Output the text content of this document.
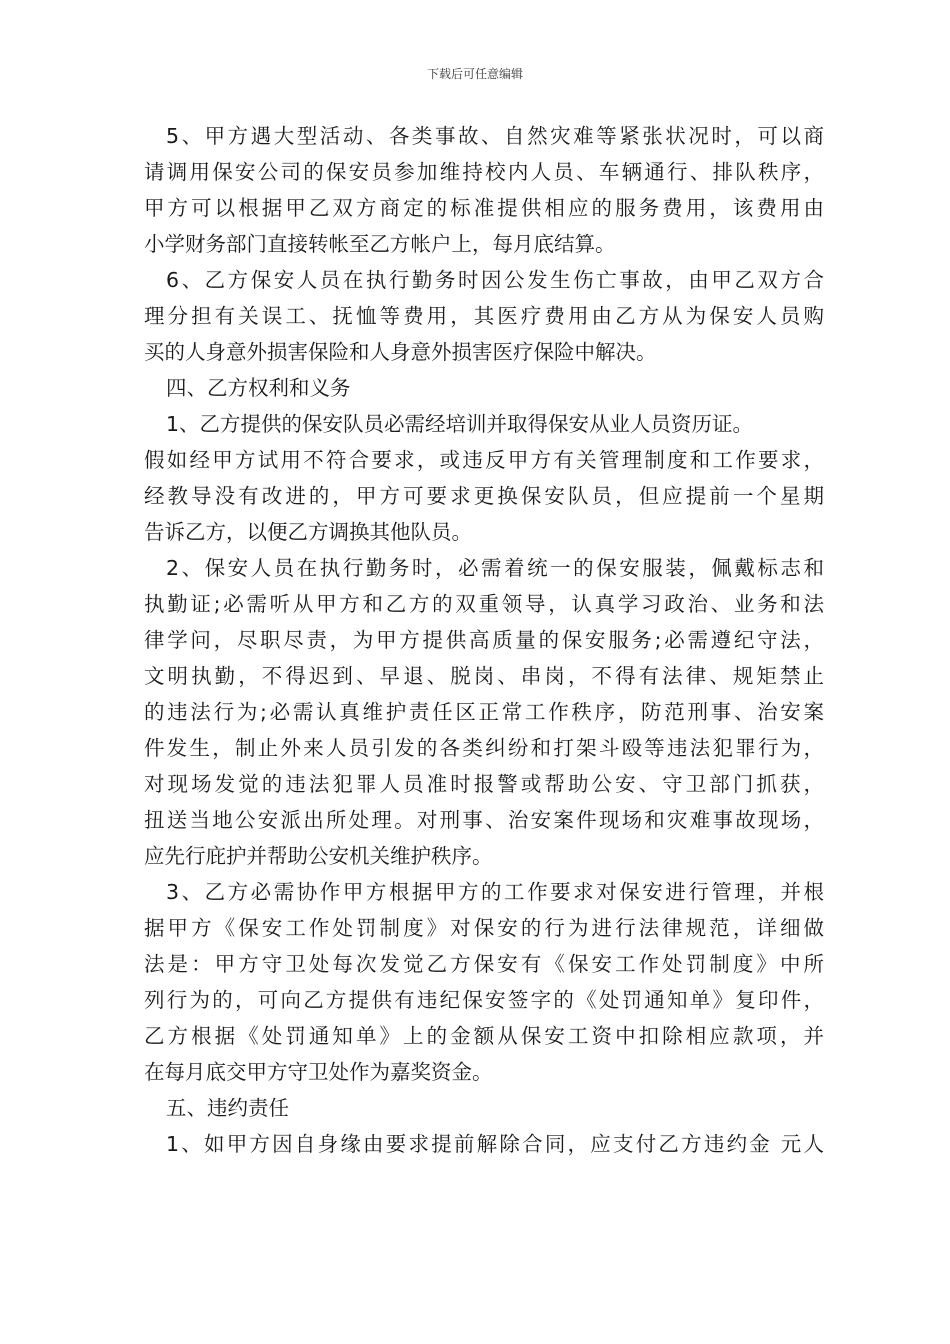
下载后可任意编辑
5、甲方遇大型活动、各类事故、自然灾难等紧张状况时，可以商
请调用保安公司的保安员参加维持校内人员、车辆通行、排队秩序，
甲方可以根据甲乙双方商定的标准提供相应的服务费用，该费用由
小学财务部门直接转帐至乙方帐户上，每月底结算。
6、乙方保安人员在执行勤务时因公发生伤亡事故，由甲乙双方合
理分担有关误工、抚恤等费用，其医疗费用由乙方从为保安人员购
买的人身意外损害保险和人身意外损害医疗保险中解决。
四、乙方权利和义务
1、乙方提供的保安队员必需经培训并取得保安从业人员资历证。
假如经甲方试用不符合要求，或违反甲方有关管理制度和工作要求，
经教导没有改进的，甲方可要求更换保安队员，但应提前一个星期
告诉乙方，以便乙方调换其他队员。
2、保安人员在执行勤务时，必需着统一的保安服装，佩戴标志和
执勤证;必需听从甲方和乙方的双重领导，认真学习政治、业务和法
律学问，尽职尽责，为甲方提供高质量的保安服务;必需遵纪守法，
文明执勤，不得迟到、早退、脱岗、串岗，不得有法律、规矩禁止
的违法行为;必需认真维护责任区正常工作秩序，防范刑事、治安案
件发生，制止外来人员引发的各类纠纷和打架斗殴等违法犯罪行为，
对现场发觉的违法犯罪人员准时报警或帮助公安、守卫部门抓获，
扭送当地公安派出所处理。对刑事、治安案件现场和灾难事故现场，
应先行庇护并帮助公安机关维护秩序。
3、乙方必需协作甲方根据甲方的工作要求对保安进行管理，并根
据甲方《保安工作处罚制度》对保安的行为进行法律规范，详细做
法是：甲方守卫处每次发觉乙方保安有《保安工作处罚制度》中所
列行为的，可向乙方提供有违纪保安签字的《处罚通知单》复印件，
乙方根据《处罚通知单》上的金额从保安工资中扣除相应款项，并
在每月底交甲方守卫处作为嘉奖资金。
五、违约责任
1、如甲方因自身缘由要求提前解除合同，应支付乙方违约金 元人
